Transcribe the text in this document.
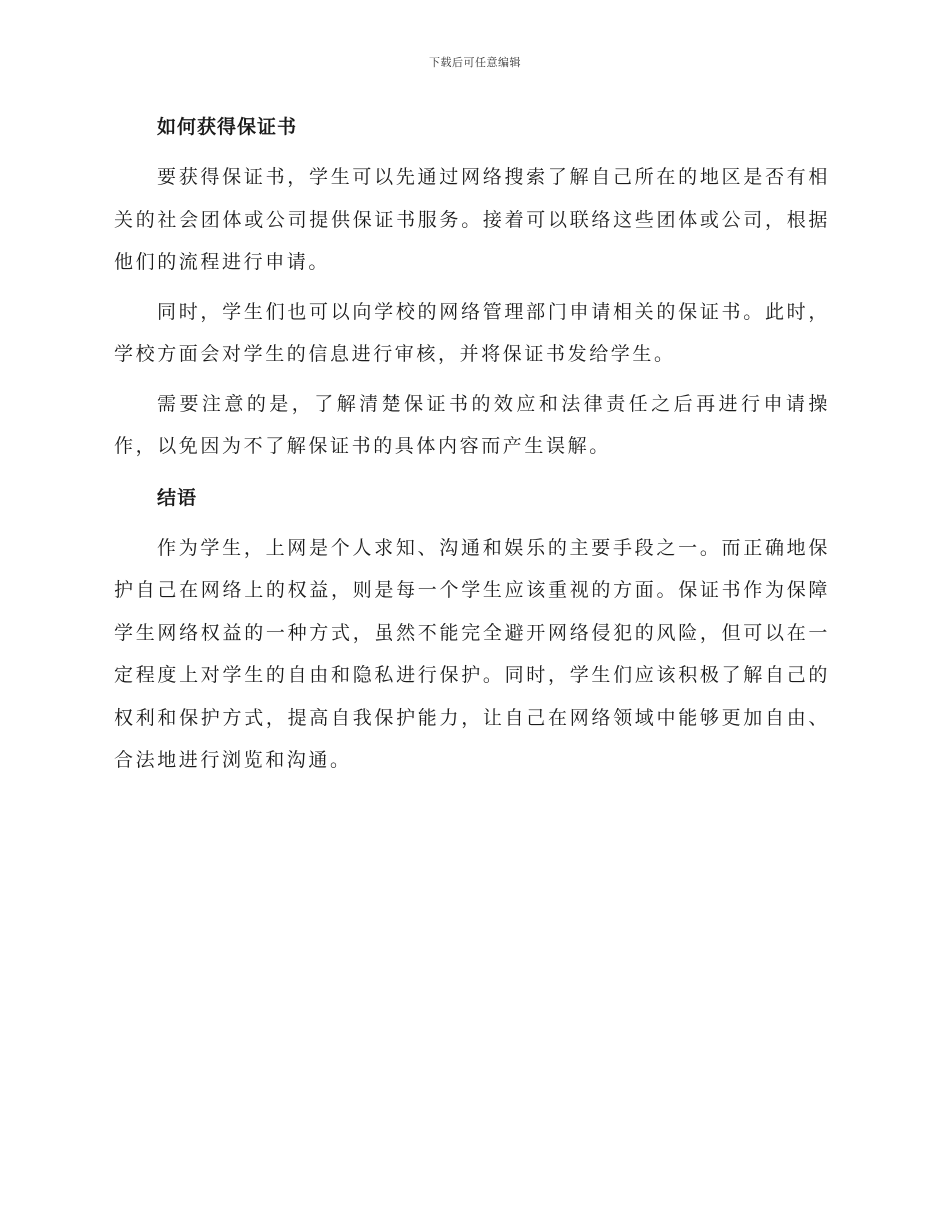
下载后可任意编辑
如何获得保证书

要获得保证书，学生可以先通过网络搜索了解自己所在的地区是否有相关的社会团体或公司提供保证书服务。接着可以联络这些团体或公司，根据他们的流程进行申请。

同时，学生们也可以向学校的网络管理部门申请相关的保证书。此时，学校方面会对学生的信息进行审核，并将保证书发给学生。

需要注意的是，了解清楚保证书的效应和法律责任之后再进行申请操作，以免因为不了解保证书的具体内容而产生误解。

结语

作为学生，上网是个人求知、沟通和娱乐的主要手段之一。而正确地保护自己在网络上的权益，则是每一个学生应该重视的方面。保证书作为保障学生网络权益的一种方式，虽然不能完全避开网络侵犯的风险，但可以在一定程度上对学生的自由和隐私进行保护。同时，学生们应该积极了解自己的权利和保护方式，提高自我保护能力，让自己在网络领域中能够更加自由、合法地进行浏览和沟通。
